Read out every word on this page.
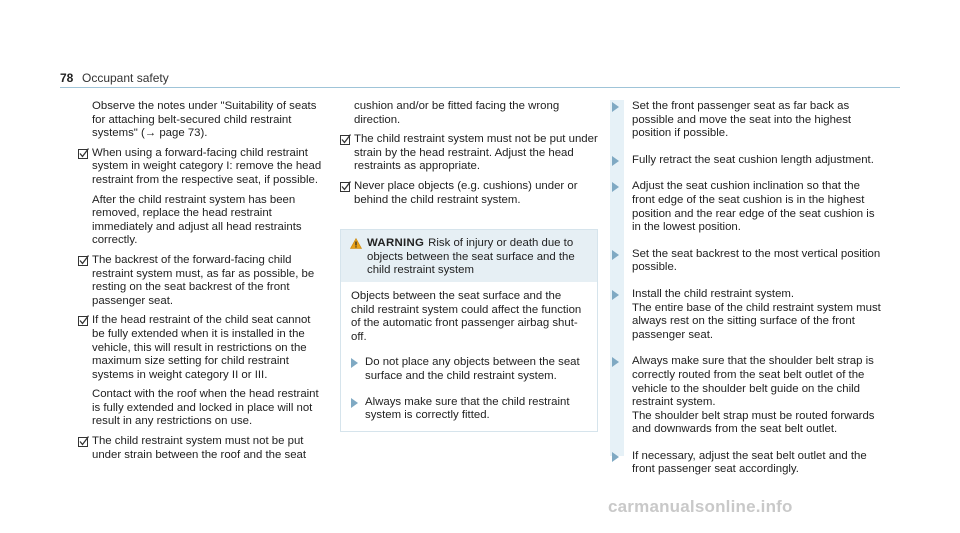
78 Occupant safety

Observe the notes under "Suitability of seats for attaching belt-secured child restraint systems" (→ page 73).

When using a forward-facing child restraint system in weight category I: remove the head restraint from the respective seat, if possible.

After the child restraint system has been removed, replace the head restraint immediately and adjust all head restraints correctly.

The backrest of the forward-facing child restraint system must, as far as possible, be resting on the seat backrest of the front passenger seat.

If the head restraint of the child seat cannot be fully extended when it is installed in the vehicle, this will result in restrictions on the maximum size setting for child restraint systems in weight category II or III.

Contact with the roof when the head restraint is fully extended and locked in place will not result in any restrictions on use.

The child restraint system must not be put under strain between the roof and the seat

cushion and/or be fitted facing the wrong direction.

The child restraint system must not be put under strain by the head restraint. Adjust the head restraints as appropriate.

Never place objects (e.g. cushions) under or behind the child restraint system.

WARNING Risk of injury or death due to objects between the seat surface and the child restraint system

Objects between the seat surface and the child restraint system could affect the function of the automatic front passenger airbag shut-off.

Do not place any objects between the seat surface and the child restraint system.

Always make sure that the child restraint system is correctly fitted.

Set the front passenger seat as far back as possible and move the seat into the highest position if possible.

Fully retract the seat cushion length adjustment.

Adjust the seat cushion inclination so that the front edge of the seat cushion is in the highest position and the rear edge of the seat cushion is in the lowest position.

Set the seat backrest to the most vertical position possible.

Install the child restraint system.
The entire base of the child restraint system must always rest on the sitting surface of the front passenger seat.

Always make sure that the shoulder belt strap is correctly routed from the seat belt outlet of the vehicle to the shoulder belt guide on the child restraint system.
The shoulder belt strap must be routed forwards and downwards from the seat belt outlet.

If necessary, adjust the seat belt outlet and the front passenger seat accordingly.

carmanualsonline.info
